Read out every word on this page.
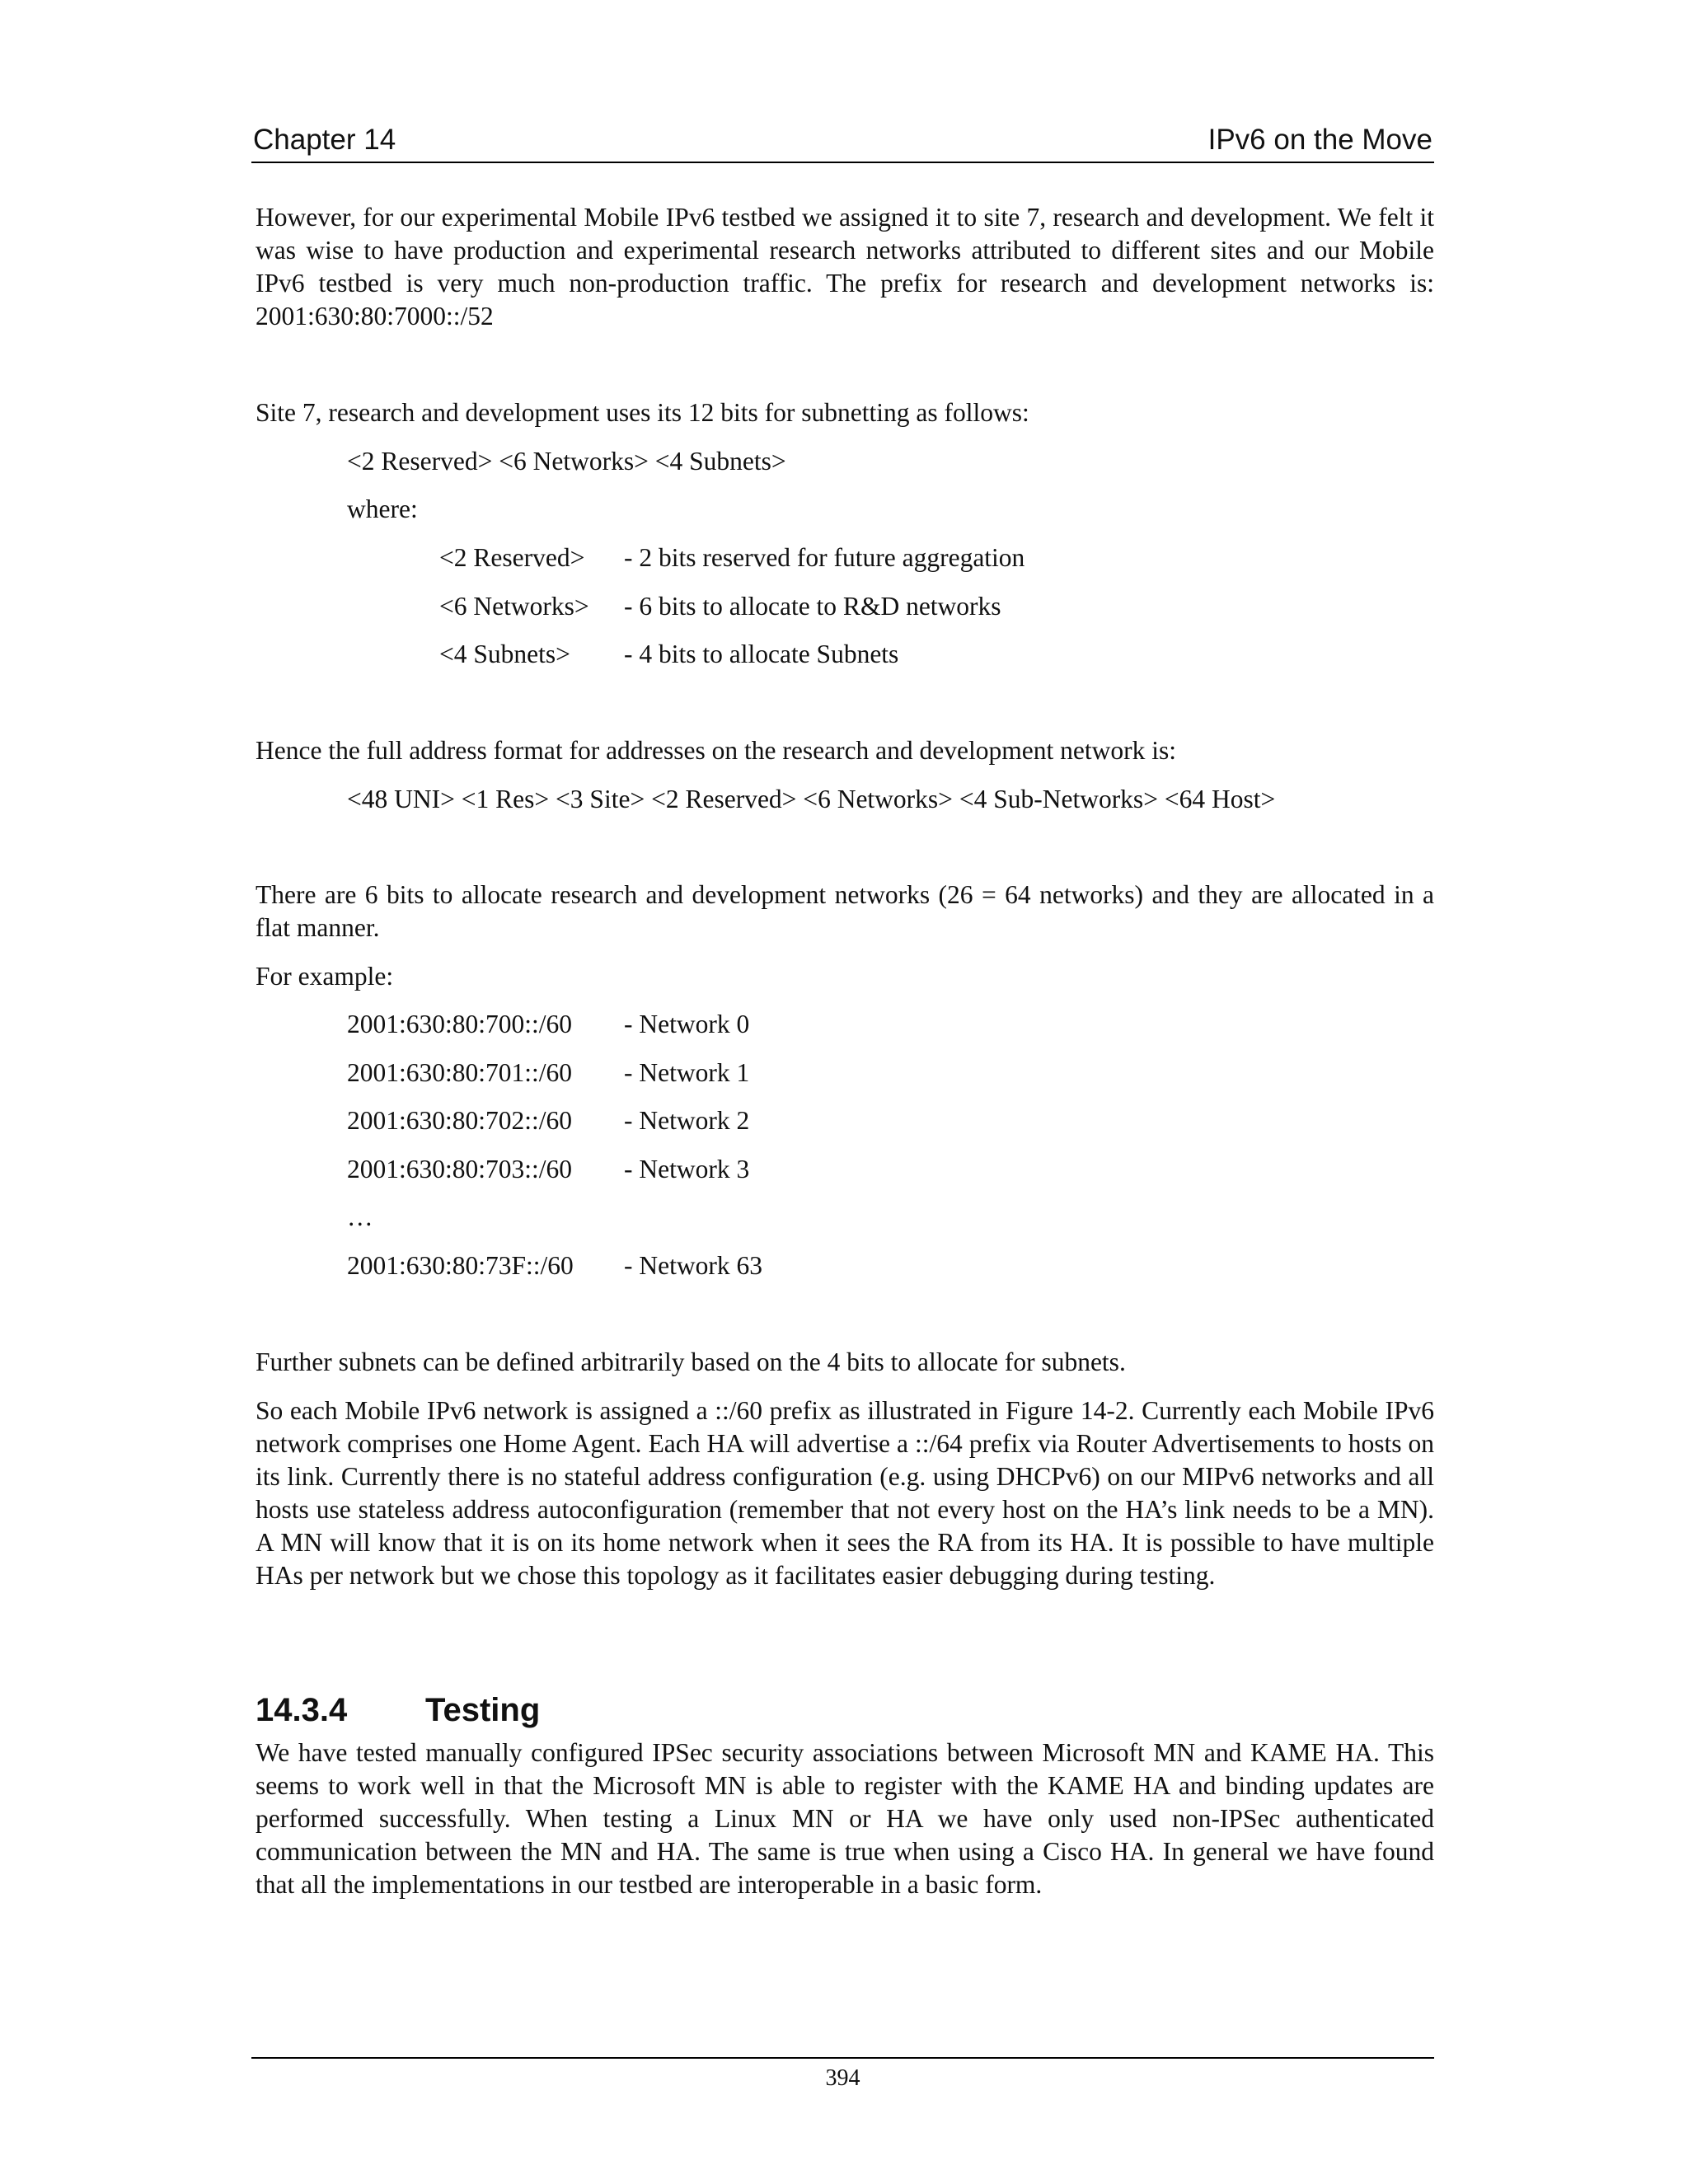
Chapter 14	IPv6 on the Move
However, for our experimental Mobile IPv6 testbed we assigned it to site 7, research and development. We felt it was wise to have production and experimental research networks attributed to different sites and our Mobile IPv6 testbed is very much non-production traffic. The prefix for research and development networks is: 2001:630:80:7000::/52
Site 7, research and development uses its 12 bits for subnetting as follows:
<2 Reserved> <6 Networks> <4 Subnets>
where:
<2 Reserved> - 2 bits reserved for future aggregation
<6 Networks> - 6 bits to allocate to R&D networks
<4 Subnets> - 4 bits to allocate Subnets
Hence the full address format for addresses on the research and development network is:
<48 UNI> <1 Res> <3 Site> <2 Reserved> <6 Networks> <4 Sub-Networks> <64 Host>
There are 6 bits to allocate research and development networks (26 = 64 networks) and they are allocated in a flat manner.
For example:
2001:630:80:700::/60 - Network 0
2001:630:80:701::/60 - Network 1
2001:630:80:702::/60 - Network 2
2001:630:80:703::/60 - Network 3
…
2001:630:80:73F::/60 - Network 63
Further subnets can be defined arbitrarily based on the 4 bits to allocate for subnets.
So each Mobile IPv6 network is assigned a ::/60 prefix as illustrated in Figure 14-2. Currently each Mobile IPv6 network comprises one Home Agent. Each HA will advertise a ::/64 prefix via Router Advertisements to hosts on its link. Currently there is no stateful address configuration (e.g. using DHCPv6) on our MIPv6 networks and all hosts use stateless address autoconfiguration (remember that not every host on the HA’s link needs to be a MN). A MN will know that it is on its home network when it sees the RA from its HA. It is possible to have multiple HAs per network but we chose this topology as it facilitates easier debugging during testing.
14.3.4 Testing
We have tested manually configured IPSec security associations between Microsoft MN and KAME HA. This seems to work well in that the Microsoft MN is able to register with the KAME HA and binding updates are performed successfully. When testing a Linux MN or HA we have only used non-IPSec authenticated communication between the MN and HA. The same is true when using a Cisco HA. In general we have found that all the implementations in our testbed are interoperable in a basic form.
394
